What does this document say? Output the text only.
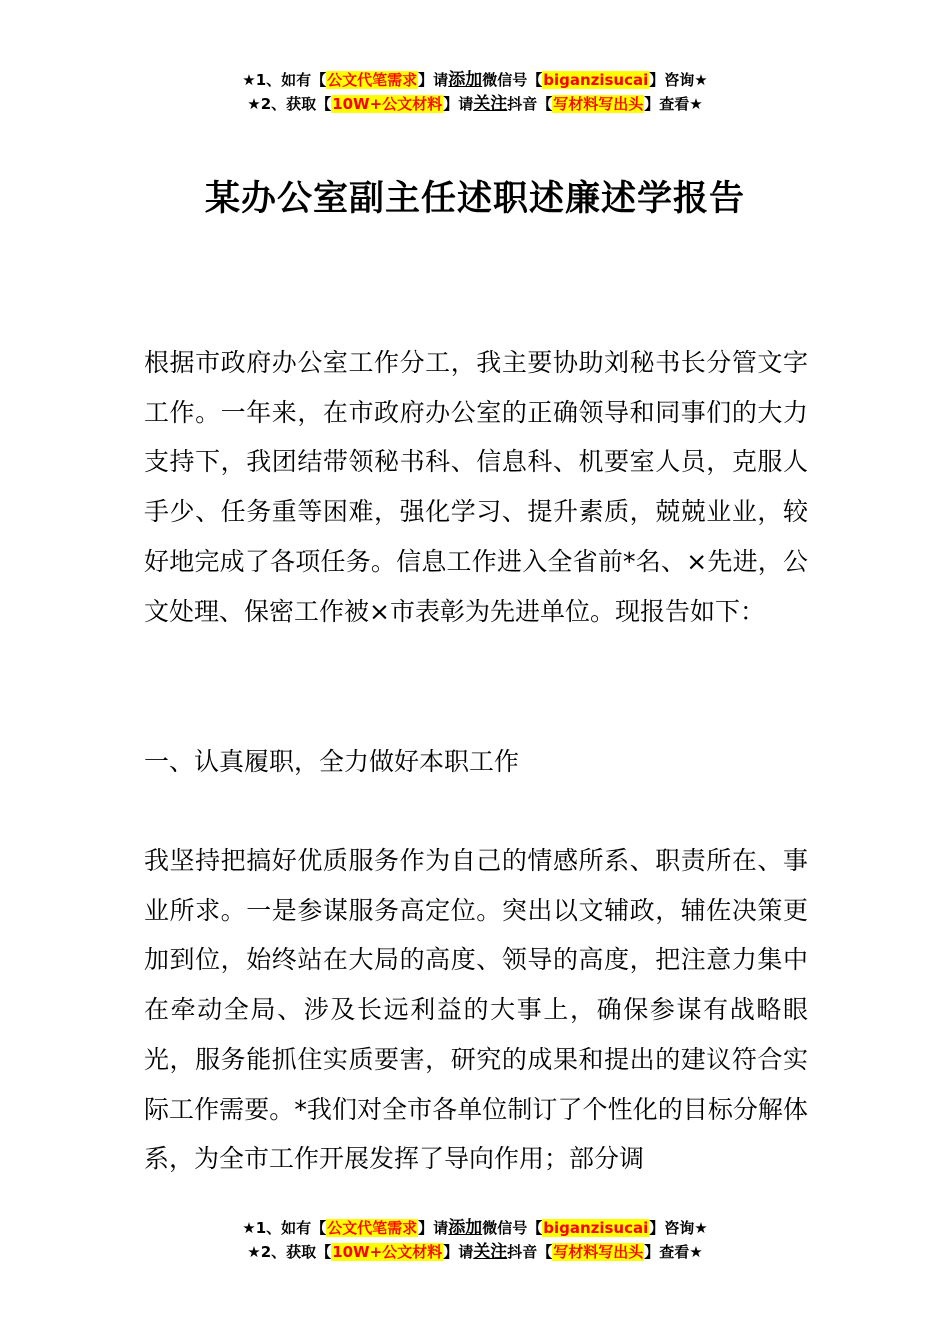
★1、如有【公文代笔需求】请添加微信号【biganzisucai】咨询★
★2、获取【10W+公文材料】请关注抖音【写材料写出头】查看★
某办公室副主任述职述廉述学报告

根据市政府办公室工作分工，我主要协助刘秘书长分管文字工作。一年来，在市政府办公室的正确领导和同事们的大力支持下，我团结带领秘书科、信息科、机要室人员，克服人手少、任务重等困难，强化学习、提升素质，兢兢业业，较好地完成了各项任务。信息工作进入全省前*名、×先进，公文处理、保密工作被×市表彰为先进单位。现报告如下：

一、认真履职，全力做好本职工作

我坚持把搞好优质服务作为自己的情感所系、职责所在、事业所求。一是参谋服务高定位。突出以文辅政，辅佐决策更加到位，始终站在大局的高度、领导的高度，把注意力集中在牵动全局、涉及长远利益的大事上，确保参谋有战略眼光，服务能抓住实质要害，研究的成果和提出的建议符合实际工作需要。*我们对全市各单位制订了个性化的目标分解体系，为全市工作开展发挥了导向作用；部分调

★1、如有【公文代笔需求】请添加微信号【biganzisucai】咨询★
★2、获取【10W+公文材料】请关注抖音【写材料写出头】查看★
